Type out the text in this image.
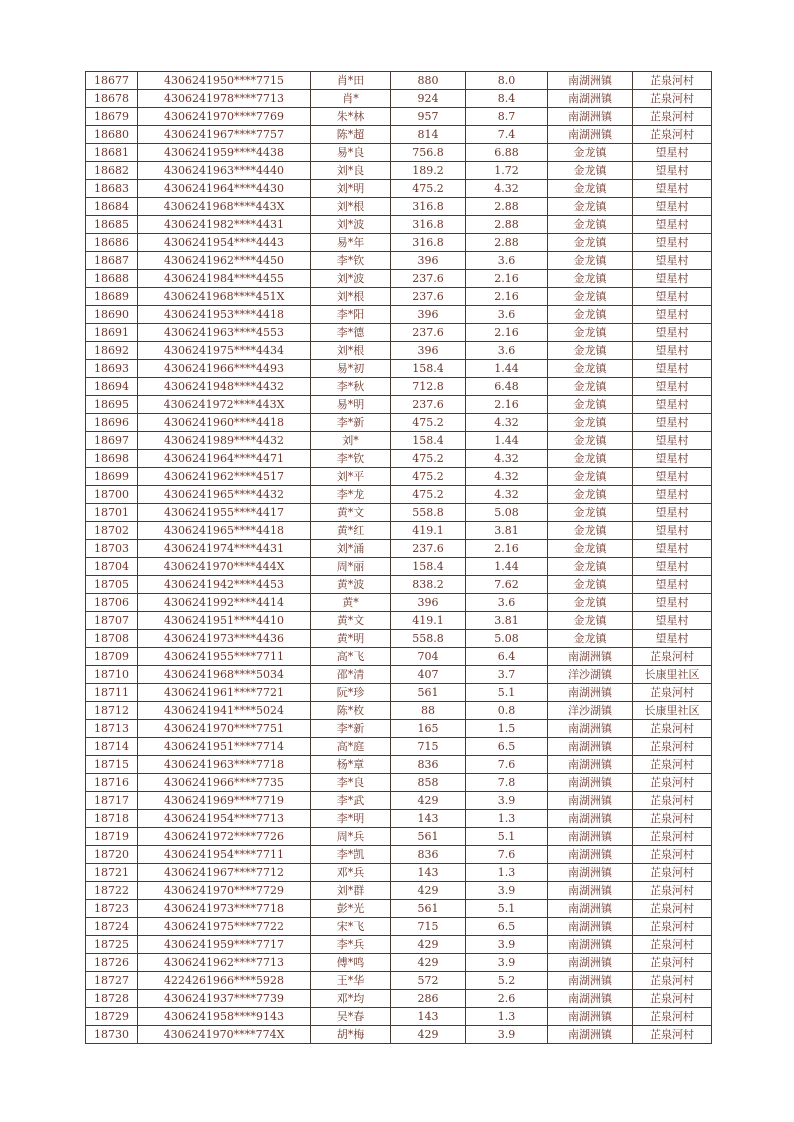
18677	4306241950****7715	肖*田	880	8.0	南湖洲镇	芷泉河村
18678	4306241978****7713	肖*	924	8.4	南湖洲镇	芷泉河村
18679	4306241970****7769	朱*林	957	8.7	南湖洲镇	芷泉河村
18680	4306241967****7757	陈*超	814	7.4	南湖洲镇	芷泉河村
18681	4306241959****4438	易*良	756.8	6.88	金龙镇	望星村
18682	4306241963****4440	刘*良	189.2	1.72	金龙镇	望星村
18683	4306241964****4430	刘*明	475.2	4.32	金龙镇	望星村
18684	4306241968****443X	刘*根	316.8	2.88	金龙镇	望星村
18685	4306241982****4431	刘*波	316.8	2.88	金龙镇	望星村
18686	4306241954****4443	易*年	316.8	2.88	金龙镇	望星村
18687	4306241962****4450	李*钦	396	3.6	金龙镇	望星村
18688	4306241984****4455	刘*波	237.6	2.16	金龙镇	望星村
18689	4306241968****451X	刘*根	237.6	2.16	金龙镇	望星村
18690	4306241953****4418	李*阳	396	3.6	金龙镇	望星村
18691	4306241963****4553	李*德	237.6	2.16	金龙镇	望星村
18692	4306241975****4434	刘*根	396	3.6	金龙镇	望星村
18693	4306241966****4493	易*初	158.4	1.44	金龙镇	望星村
18694	4306241948****4432	李*秋	712.8	6.48	金龙镇	望星村
18695	4306241972****443X	易*明	237.6	2.16	金龙镇	望星村
18696	4306241960****4418	李*新	475.2	4.32	金龙镇	望星村
18697	4306241989****4432	刘*	158.4	1.44	金龙镇	望星村
18698	4306241964****4471	李*钦	475.2	4.32	金龙镇	望星村
18699	4306241962****4517	刘*平	475.2	4.32	金龙镇	望星村
18700	4306241965****4432	李*龙	475.2	4.32	金龙镇	望星村
18701	4306241955****4417	黄*文	558.8	5.08	金龙镇	望星村
18702	4306241965****4418	黄*红	419.1	3.81	金龙镇	望星村
18703	4306241974****4431	刘*涌	237.6	2.16	金龙镇	望星村
18704	4306241970****444X	周*丽	158.4	1.44	金龙镇	望星村
18705	4306241942****4453	黄*波	838.2	7.62	金龙镇	望星村
18706	4306241992****4414	黄*	396	3.6	金龙镇	望星村
18707	4306241951****4410	黄*文	419.1	3.81	金龙镇	望星村
18708	4306241973****4436	黄*明	558.8	5.08	金龙镇	望星村
18709	4306241955****7711	高*飞	704	6.4	南湖洲镇	芷泉河村
18710	4306241968****5034	邵*清	407	3.7	洋沙湖镇	长康里社区
18711	4306241961****7721	阮*珍	561	5.1	南湖洲镇	芷泉河村
18712	4306241941****5024	陈*枚	88	0.8	洋沙湖镇	长康里社区
18713	4306241970****7751	李*新	165	1.5	南湖洲镇	芷泉河村
18714	4306241951****7714	高*庭	715	6.5	南湖洲镇	芷泉河村
18715	4306241963****7718	杨*章	836	7.6	南湖洲镇	芷泉河村
18716	4306241966****7735	李*良	858	7.8	南湖洲镇	芷泉河村
18717	4306241969****7719	李*武	429	3.9	南湖洲镇	芷泉河村
18718	4306241954****7713	李*明	143	1.3	南湖洲镇	芷泉河村
18719	4306241972****7726	周*兵	561	5.1	南湖洲镇	芷泉河村
18720	4306241954****7711	李*凯	836	7.6	南湖洲镇	芷泉河村
18721	4306241967****7712	邓*兵	143	1.3	南湖洲镇	芷泉河村
18722	4306241970****7729	刘*群	429	3.9	南湖洲镇	芷泉河村
18723	4306241973****7718	彭*光	561	5.1	南湖洲镇	芷泉河村
18724	4306241975****7722	宋*飞	715	6.5	南湖洲镇	芷泉河村
18725	4306241959****7717	李*兵	429	3.9	南湖洲镇	芷泉河村
18726	4306241962****7713	傅*鸣	429	3.9	南湖洲镇	芷泉河村
18727	4224261966****5928	王*华	572	5.2	南湖洲镇	芷泉河村
18728	4306241937****7739	邓*均	286	2.6	南湖洲镇	芷泉河村
18729	4306241958****9143	吴*春	143	1.3	南湖洲镇	芷泉河村
18730	4306241970****774X	胡*梅	429	3.9	南湖洲镇	芷泉河村
